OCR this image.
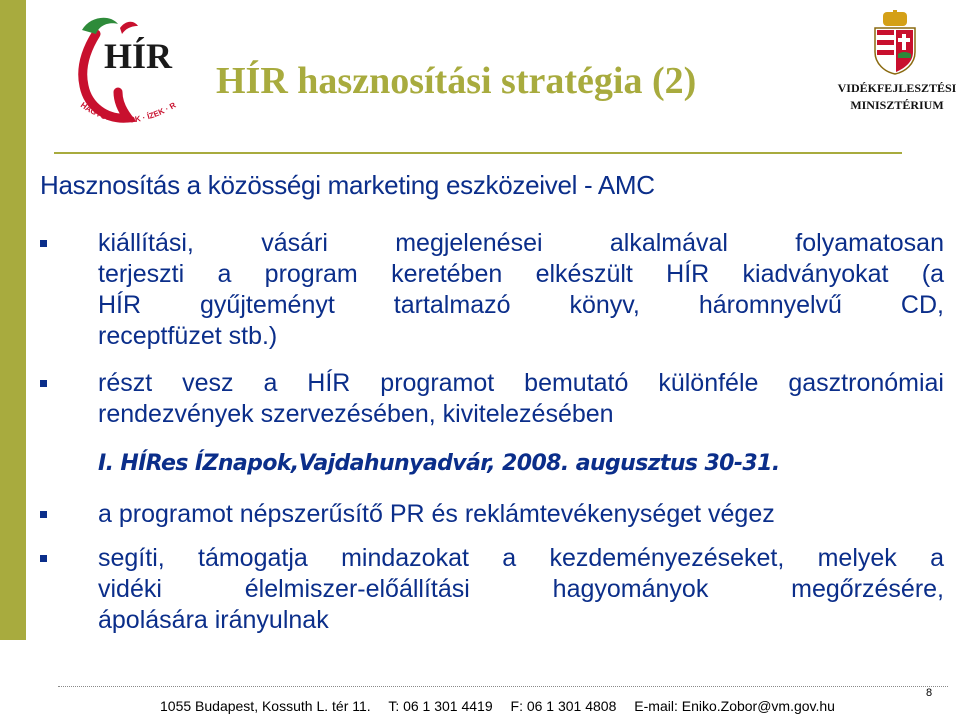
HÍR
HAGYOMÁNYOK · ÍZEK · R
VIDÉKFEJLESZTÉSI
MINISZTÉRIUM
HÍR hasznosítási stratégia (2)
Hasznosítás a közösségi marketing eszközeivel - AMC
kiállítási, vásári megjelenései alkalmával folyamatosan
terjeszti a program keretében elkészült HÍR kiadványokat (a
HÍR gyűjteményt tartalmazó könyv, háromnyelvű CD,
receptfüzet stb.)
részt vesz a HÍR programot bemutató különféle gasztronómiai
rendezvények szervezésében, kivitelezésében
I. HÍRes ÍZnapok,Vajdahunyadvár, 2008. augusztus 30-31.
a programot népszerűsítő PR és reklámtevékenységet végez
segíti, támogatja mindazokat a kezdeményezéseket, melyek a
vidéki élelmiszer-előállítási hagyományok megőrzésére,
ápolására irányulnak

1055 Budapest, Kossuth L. tér 11. T: 06 1 301 4419 F: 06 1 301 4808 E-mail: Eniko.Zobor@vm.gov.hu

8
